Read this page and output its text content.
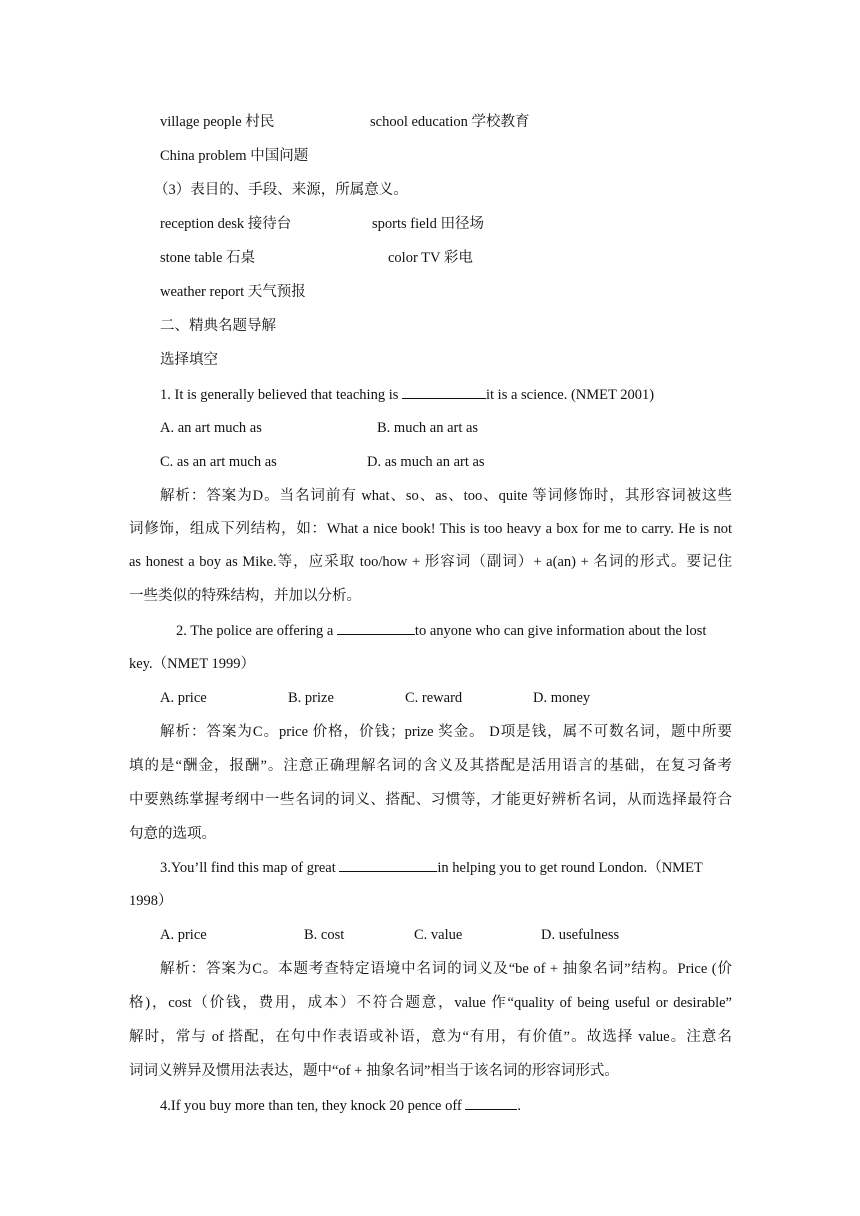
village people 村民	school education 学校教育
China problem 中国问题
（3）表目的、手段、来源，所属意义。
reception desk 接待台	sports field 田径场
stone table 石桌	color TV 彩电
weather report 天气预报
二、精典名题导解
选择填空
1. It is generally believed that teaching is	it is a science. (NMET 2001)
A. an art much as	B. much an art as
C. as an art much as	D. as much an art as
解析：答案为D。当名词前有 what、so、as、too、quite 等词修饰时，其形容词被这些
词修饰，组成下列结构，如：What a nice book! This is too heavy a box for me to carry. He is not
as honest a boy as Mike.等，应采取 too/how + 形容词（副词）+ a(an) + 名词的形式。要记住
一些类似的特殊结构，并加以分析。
2. The police are offering a	to anyone who can give information about the lost
key.（NMET 1999）
A. price	B. prize	C. reward	D. money
解析：答案为C。price 价格，价钱；prize 奖金。 D项是钱，属不可数名词，题中所要
填的是“酬金，报酬”。注意正确理解名词的含义及其搭配是活用语言的基础，在复习备考
中要熟练掌握考纲中一些名词的词义、搭配、习惯等，才能更好辨析名词，从而选择最符合
句意的选项。
3.You’ll find this map of great	in helping you to get round London.（NMET
1998）
A. price	B. cost	C. value	D. usefulness
解析：答案为C。本题考查特定语境中名词的词义及“be of + 抽象名词”结构。Price (价
格)，cost（价钱，费用，成本）不符合题意，value 作“quality of being useful or desirable”
解时，常与 of 搭配，在句中作表语或补语，意为“有用，有价值”。故选择 value。注意名
词词义辨异及惯用法表达，题中“of + 抽象名词”相当于该名词的形容词形式。
4.If you buy more than ten, they knock 20 pence off	.
